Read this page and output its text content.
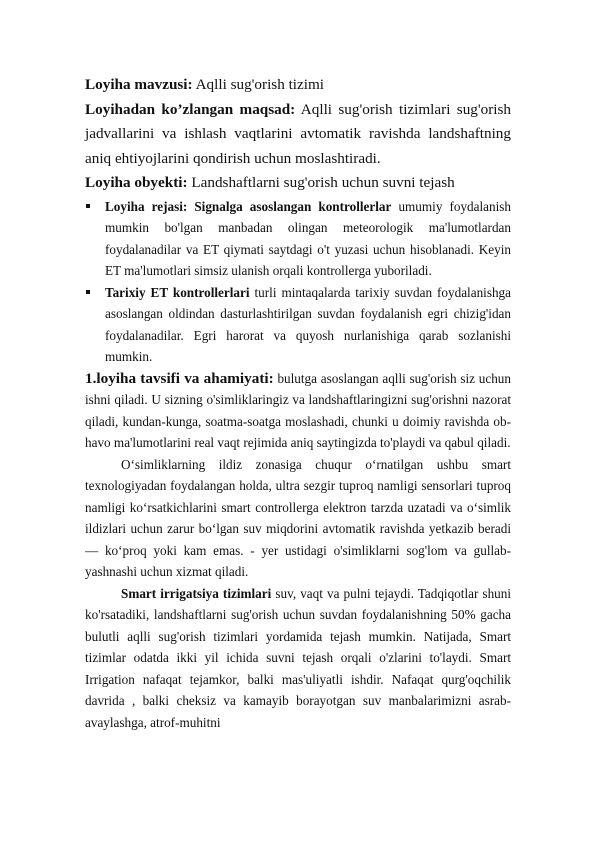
Loyiha mavzusi: Aqlli sug'orish tizimi

Loyihadan ko’zlangan maqsad: Aqlli sug'orish tizimlari sug'orish jadvallarini va ishlash vaqtlarini avtomatik ravishda landshaftning aniq ehtiyojlarini qondirish uchun moslashtiradi.

Loyiha obyekti: Landshaftlarni sug'orish uchun suvni tejash

Loyiha rejasi: Signalga asoslangan kontrollerlar umumiy foydalanish mumkin bo'lgan manbadan olingan meteorologik ma'lumotlardan foydalanadilar va ET qiymati saytdagi o't yuzasi uchun hisoblanadi. Keyin ET ma'lumotlari simsiz ulanish orqali kontrollerga yuboriladi.
Tarixiy ET kontrollerlari turli mintaqalarda tarixiy suvdan foydalanishga asoslangan oldindan dasturlashtirilgan suvdan foydalanish egri chizig'idan foydalanadilar. Egri harorat va quyosh nurlanishiga qarab sozlanishi mumkin.

1.loyiha tavsifi va ahamiyati: bulutga asoslangan aqlli sug'orish siz uchun ishni qiladi. U sizning o'simliklaringiz va landshaftlaringizni sug'orishni nazorat qiladi, kundan-kunga, soatma-soatga moslashadi, chunki u doimiy ravishda ob-havo ma'lumotlarini real vaqt rejimida aniq saytingizda to'playdi va qabul qiladi.

O‘simliklarning ildiz zonasiga chuqur o‘rnatilgan ushbu smart texnologiyadan foydalangan holda, ultra sezgir tuproq namligi sensorlari tuproq namligi ko‘rsatkichlarini smart controllerga elektron tarzda uzatadi va o‘simlik ildizlari uchun zarur bo‘lgan suv miqdorini avtomatik ravishda yetkazib beradi — ko‘proq yoki kam emas. - yer ustidagi o'simliklarni sog'lom va gullab-yashnashi uchun xizmat qiladi.

Smart irrigatsiya tizimlari suv, vaqt va pulni tejaydi. Tadqiqotlar shuni ko'rsatadiki, landshaftlarni sug'orish uchun suvdan foydalanishning 50% gacha bulutli aqlli sug'orish tizimlari yordamida tejash mumkin. Natijada, Smart tizimlar odatda ikki yil ichida suvni tejash orqali o'zlarini to'laydi. Smart Irrigation nafaqat tejamkor, balki mas'uliyatli ishdir. Nafaqat qurg'oqchilik davrida , balki cheksiz va kamayib borayotgan suv manbalarimizni asrab-avaylashga, atrof-muhitni
